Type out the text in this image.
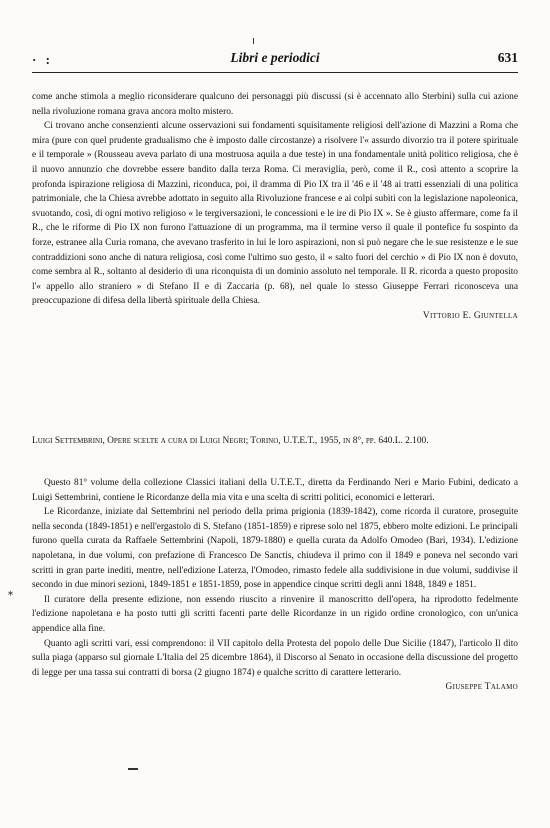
· :	Libri e periodici	631

come anche stimola a meglio riconsiderare qualcuno dei personaggi più discussi (si è accennato allo Sterbini) sulla cui azione nella rivoluzione romana grava ancora molto mistero.

Ci trovano anche consenzienti alcune osservazioni sui fondamenti squisitamente religiosi dell'azione di Mazzini a Roma che mira (pure con quel prudente gradualismo che è imposto dalle circostanze) a risolvere l'« assurdo divorzio tra il potere spirituale e il temporale » (Rousseau aveva parlato di una mostruosa aquila a due teste) in una fondamentale unità politico religiosa, che è il nuovo annunzio che dovrebbe essere bandito dalla terza Roma. Ci meraviglia, però, come il R., così attento a scoprire la profonda ispirazione religiosa di Mazzini, riconduca, poi, il dramma di Pio IX tra il '46 e il '48 ai tratti essenziali di una politica patrimoniale, che la Chiesa avrebbe adottato in seguito alla Rivoluzione francese e ai colpi subìti con la legislazione napoleonica, svuotando, così, di ogni motivo religioso « le tergiversazioni, le concessioni e le ire di Pio IX ». Se è giusto affermare, come fa il R., che le riforme di Pio IX non furono l'attuazione di un programma, ma il termine verso il quale il pontefice fu sospinto da forze, estranee alla Curia romana, che avevano trasferito in lui le loro aspirazioni, non si può negare che le sue resistenze e le sue contraddizioni sono anche di natura religiosa, così come l'ultimo suo gesto, il « salto fuori del cerchio » di Pio IX non è dovuto, come sembra al R., soltanto al desiderio di una riconquista di un dominio assoluto nel temporale. Il R. ricorda a questo proposito l'« appello allo straniero » di Stefano II e di Zaccaria (p. 68), nel quale lo stesso Giuseppe Ferrari riconosceva una preoccupazione di difesa della libertà spirituale della Chiesa.

Vittorio E. Giuntella

Luigi Settembrini, Opere scelte a cura di Luigi Negri; Torino, U.T.E.T., 1955, in 8°, pp. 640.L. 2.100.

Questo 81° volume della collezione Classici italiani della U.T.E.T., diretta da Ferdinando Neri e Mario Fubini, dedicato a Luigi Settembrini, contiene le Ricordanze della mia vita e una scelta di scritti politici, economici e letterari.

Le Ricordanze, iniziate dal Settembrini nel periodo della prima prigionia (1839-1842), come ricorda il curatore, proseguite nella seconda (1849-1851) e nell'ergastolo di S. Stefano (1851-1859) e riprese solo nel 1875, ebbero molte edizioni. Le principali furono quella curata da Raffaele Settembrini (Napoli, 1879-1880) e quella curata da Adolfo Omodeo (Bari, 1934). L'edizione napoletana, in due volumi, con prefazione di Francesco De Sanctis, chiudeva il primo con il 1849 e poneva nel secondo vari scritti in gran parte inediti, mentre, nell'edizione Laterza, l'Omodeo, rimasto fedele alla suddivisione in due volumi, suddivise il secondo in due minori sezioni, 1849-1851 e 1851-1859, pose in appendice cinque scritti degli anni 1848, 1849 e 1851.

Il curatore della presente edizione, non essendo riuscito a rinvenire il manoscritto dell'opera, ha riprodotto fedelmente l'edizione napoletana e ha posto tutti gli scritti facenti parte delle Ricordanze in un rigido ordine cronologico, con un'unica appendice alla fine.

Quanto agli scritti vari, essi comprendono: il VII capitolo della Protesta del popolo delle Due Sicilie (1847), l'articolo Il dito sulla piaga (apparso sul giornale L'Italia del 25 dicembre 1864), il Discorso al Senato in occasione della discussione del progetto di legge per una tassa sui contratti di borsa (2 giugno 1874) e qualche scritto di carattere letterario.

Giuseppe Talamo

⁎
